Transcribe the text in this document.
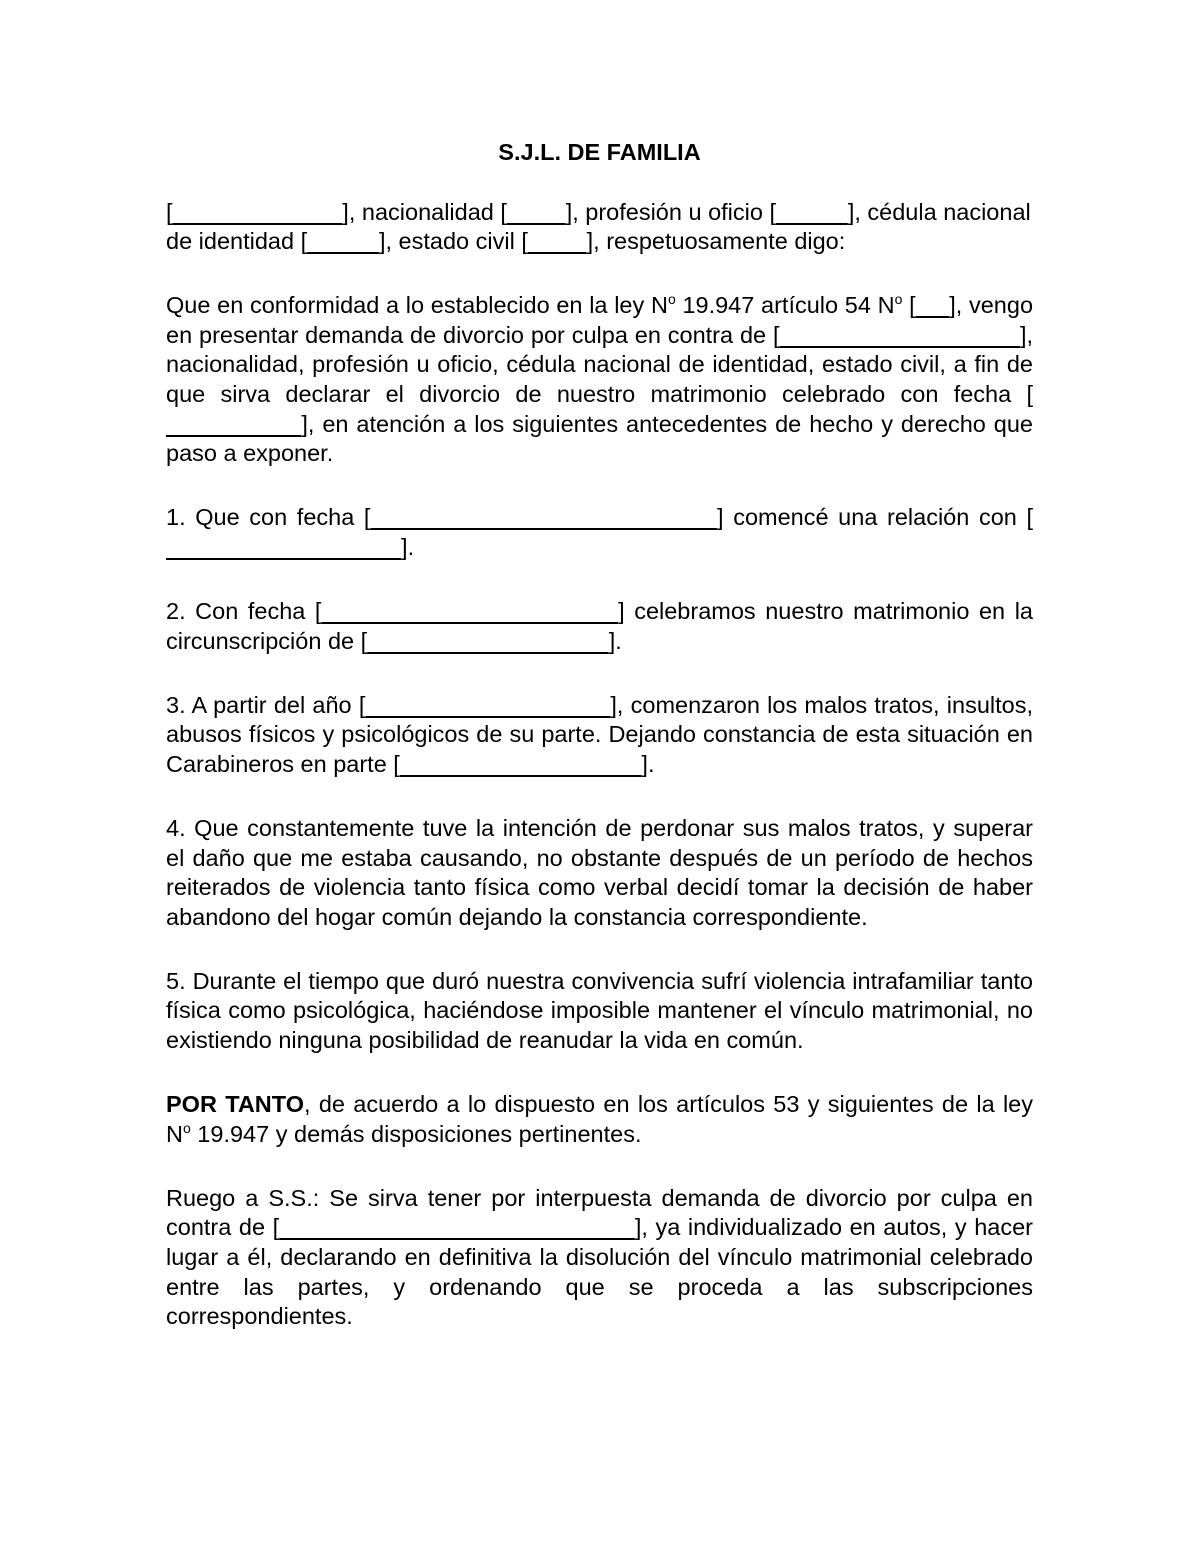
S.J.L. DE FAMILIA

[	], nacionalidad [	], profesión u oficio [	], cédula nacional de identidad [	], estado civil [	], respetuosamente digo:

Que en conformidad a lo establecido en la ley $N^o$ 19.947 artículo 54 $N^o$ [ ], vengo en presentar demanda de divorcio por culpa en contra de [	], nacionalidad, profesión u oficio, cédula nacional de identidad, estado civil, a fin de que sirva declarar el divorcio de nuestro matrimonio celebrado con fecha [                 ], en atención a los siguientes antecedentes de hecho y derecho que paso a exponer.

1. Que con fecha [	] comencé una relación con [                                    ].

2. Con fecha [	] celebramos nuestro matrimonio en la circunscripción de [	].

3. A partir del año [	], comenzaron los malos tratos, insultos, abusos físicos y psicológicos de su parte. Dejando constancia de esta situación en Carabineros en parte [	].

4. Que constantemente tuve la intención de perdonar sus malos tratos, y superar el daño que me estaba causando, no obstante después de un período de hechos reiterados de violencia tanto física como verbal decidí tomar la decisión de haber abandono del hogar común dejando la constancia correspondiente.

5. Durante el tiempo que duró nuestra convivencia sufrí violencia intrafamiliar tanto física como psicológica, haciéndose imposible mantener el vínculo matrimonial, no existiendo ninguna posibilidad de reanudar la vida en común.

POR TANTO, de acuerdo a lo dispuesto en los artículos 53 y siguientes de la ley $N^o$ 19.947 y demás disposiciones pertinentes.

Ruego a S.S.: Se sirva tener por interpuesta demanda de divorcio por culpa en contra de [	], ya individualizado en autos, y hacer lugar a él, declarando en definitiva la disolución del vínculo matrimonial celebrado entre las partes, y ordenando que se proceda a las subscripciones correspondientes.
